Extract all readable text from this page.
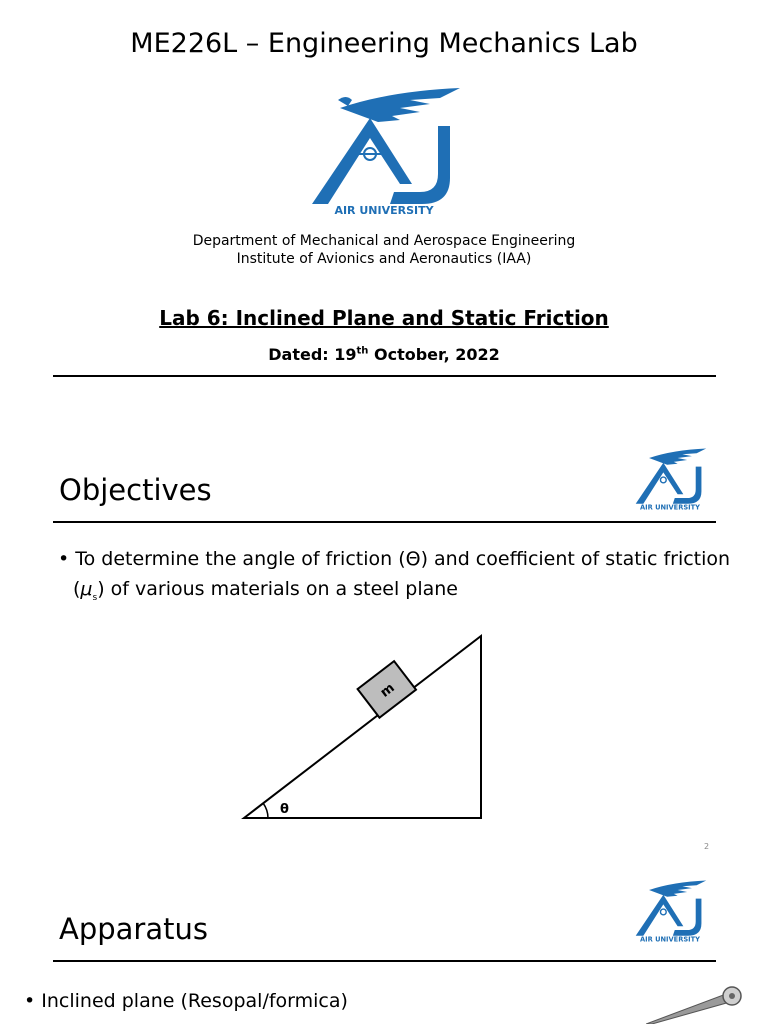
ME226L – Engineering Mechanics Lab
AIR UNIVERSITY
Department of Mechanical and Aerospace Engineering
Institute of Avionics and Aeronautics (IAA)
Lab 6: Inclined Plane and Static Friction
Dated: 19th October, 2022
Objectives
AIR UNIVERSITY
• To determine the angle of friction (Θ) and coefficient of static friction
$(\mu_s)$ of various materials on a steel plane
m
θ
2
Apparatus	AIR UNIVERSITY
• Inclined plane (Resopal/formica)
